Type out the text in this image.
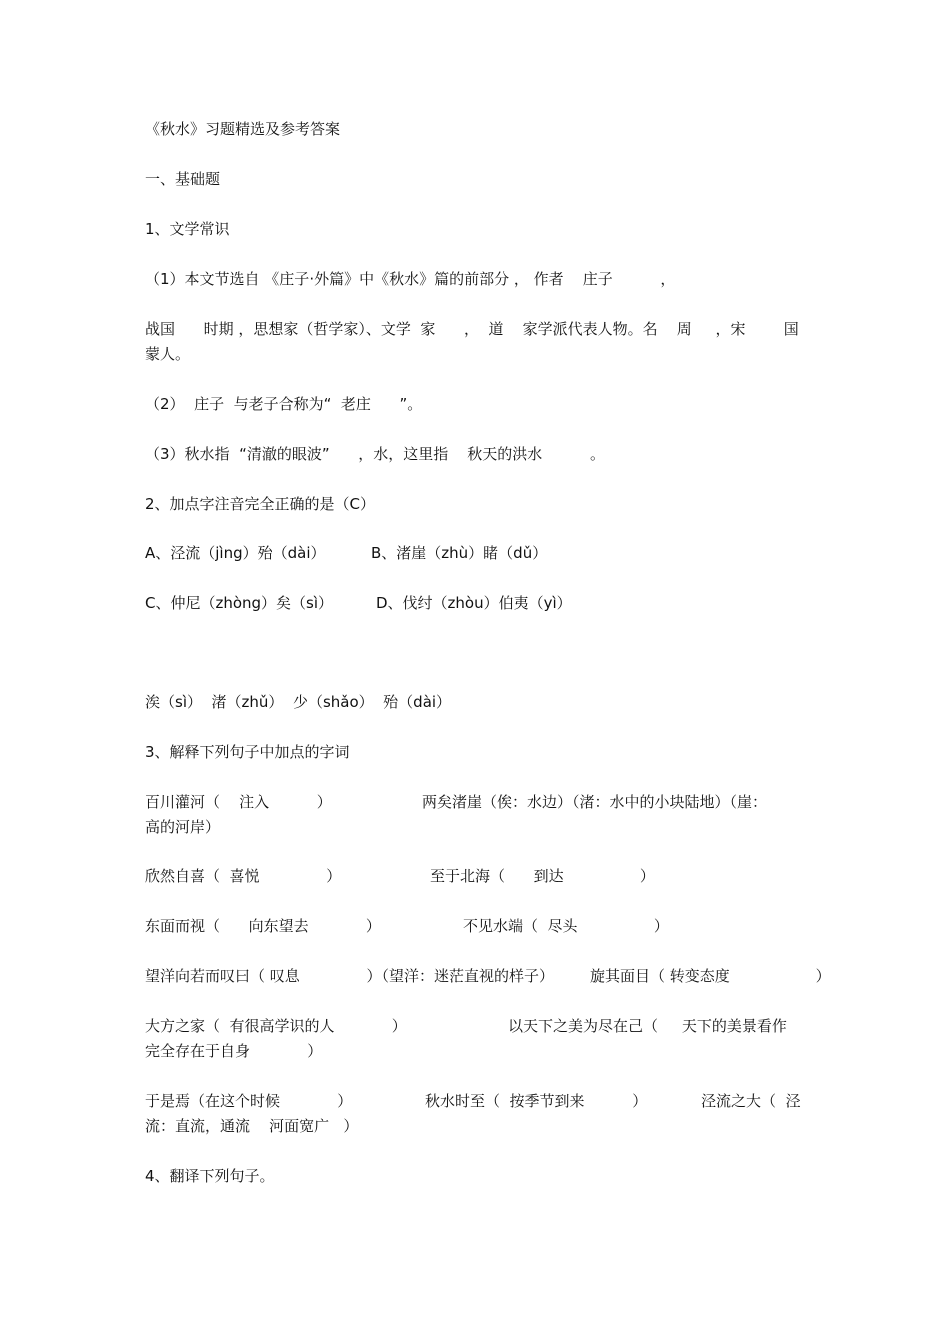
《秋水》习题精选及参考答案
一、基础题
1、文学常识
（1）本文节选自 《庄子·外篇》中《秋水》篇的前部分 ， 作者    庄子          ，
战国      时期 ，思想家（哲学家）、文学  家      ，  道    家学派代表人物。名    周     ，宋        国
蒙人。
（2）  庄子  与老子合称为“  老庄      ”。
（3）秋水指  “清澈的眼波”      ，水，这里指    秋天的洪水          。
2、加点字注音完全正确的是（C）
A、泾流（jìng）殆（dài）	B、渚崖（zhù）睹（dǔ）
C、仲尼（zhòng）矣（sì）	D、伐纣（zhòu）伯夷（yì）
涘（sì）  渚（zhǔ）  少（shǎo）  殆（dài）
3、解释下列句子中加点的字词
百川灌河（    注入          ）	两矣渚崖（俟：水边）（渚：水中的小块陆地）（崖：
高的河岸）
欣然自喜（  喜悦              ）	至于北海（      到达                ）
东面而视（      向东望去            ）	不见水端（  尽头                ）
望洋向若而叹曰（ 叹息              ）（望洋：迷茫直视的样子） 旋其面目（ 转变态度                  ）
大方之家（  有很高学识的人            ）	以天下之美为尽在己（     天下的美景看作
完全存在于自身            ）
于是焉（在这个时候            ）	秋水时至（  按季节到来          ）	泾流之大（  泾
流：直流，通流    河面宽广   ）
4、翻译下列句子。
